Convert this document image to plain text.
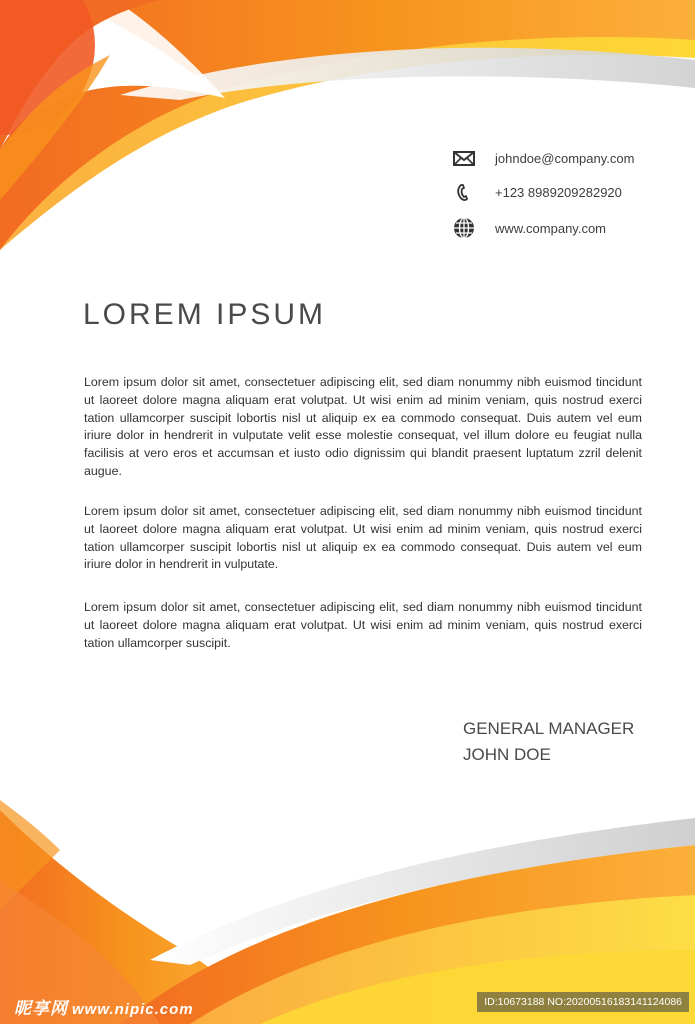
johndoe@company.com
+123 8989209282920
www.company.com
LOREM IPSUM

Lorem ipsum dolor sit amet, consectetuer adipiscing elit, sed diam nonummy nibh euismod tincidunt ut laoreet dolore magna aliquam erat volutpat. Ut wisi enim ad minim veniam, quis nostrud exerci tation ullamcorper suscipit lobortis nisl ut aliquip ex ea commodo consequat. Duis autem vel eum iriure dolor in hendrerit in vulputate velit esse molestie consequat, vel illum dolore eu feugiat nulla facilisis at vero eros et accumsan et iusto odio dignissim qui blandit praesent luptatum zzril delenit augue.

Lorem ipsum dolor sit amet, consectetuer adipiscing elit, sed diam nonummy nibh euismod tincidunt ut laoreet dolore magna aliquam erat volutpat. Ut wisi enim ad minim veniam, quis nostrud exerci tation ullamcorper suscipit lobortis nisl ut aliquip ex ea commodo consequat. Duis autem vel eum iriure dolor in hendrerit in vulputate.

Lorem ipsum dolor sit amet, consectetuer adipiscing elit, sed diam nonummy nibh euismod tincidunt ut laoreet dolore magna aliquam erat volutpat. Ut wisi enim ad minim veniam, quis nostrud exerci tation ullamcorper suscipit.

GENERAL MANAGER
JOHN DOE
昵享网 www.nipic.com	ID:10673188 NO:20200516183141124086
